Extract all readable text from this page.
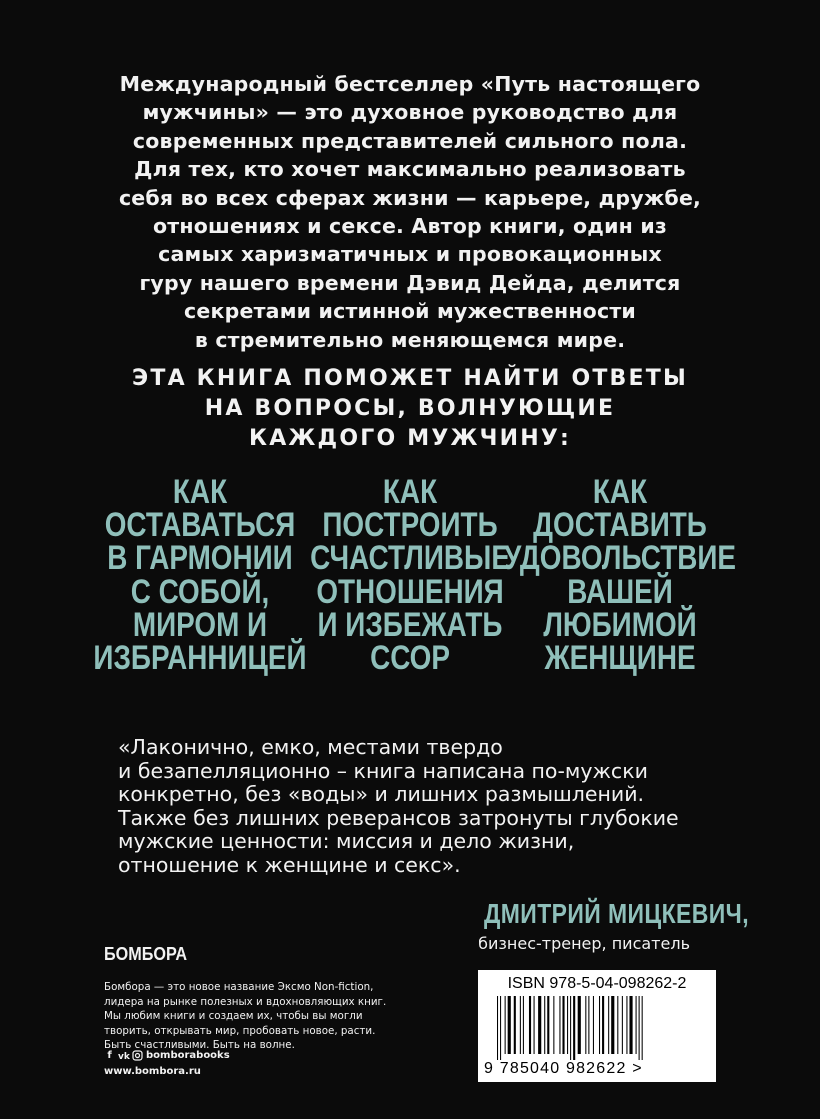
Международный бестселлер «Путь настоящего
мужчины» — это духовное руководство для
современных представителей сильного пола.
Для тех, кто хочет максимально реализовать
себя во всех сферах жизни — карьере, дружбе,
отношениях и сексе. Автор книги, один из
самых харизматичных и провокационных
гуру нашего времени Дэвид Дейда, делится
секретами истинной мужественности
в стремительно меняющемся мире.
ЭТА КНИГА ПОМОЖЕТ НАЙТИ ОТВЕТЫ
НА ВОПРОСЫ, ВОЛНУЮЩИЕ
КАЖДОГО МУЖЧИНУ:
КАК
ОСТАВАТЬСЯ
В ГАРМОНИИ
С СОБОЙ,
МИРОМ И
ИЗБРАННИЦЕЙ
КАК
ПОСТРОИТЬ
СЧАСТЛИВЫЕ
ОТНОШЕНИЯ
И ИЗБЕЖАТЬ
ССОР
КАК
ДОСТАВИТЬ
УДОВОЛЬСТВИЕ
ВАШЕЙ
ЛЮБИМОЙ
ЖЕНЩИНЕ
«Лаконично, емко, местами твердо
и безапелляционно – книга написана по-мужски
конкретно, без «воды» и лишних размышлений.
Также без лишних реверансов затронуты глубокие
мужские ценности: миссия и дело жизни,
отношение к женщине и секс».
ДМИТРИЙ МИЦКЕВИЧ,
бизнес-тренер, писатель
БОМБОРА
Бомбора — это новое название Эксмо Non-fiction,
лидера на рынке полезных и вдохновляющих книг.
Мы любим книги и создаем их, чтобы вы могли
творить, открывать мир, пробовать новое, расти.
Быть счастливыми. Быть на волне.
f vk bomborabooks
www.bombora.ru
ISBN 978-5-04-098262-2
9 785040 982622 >
